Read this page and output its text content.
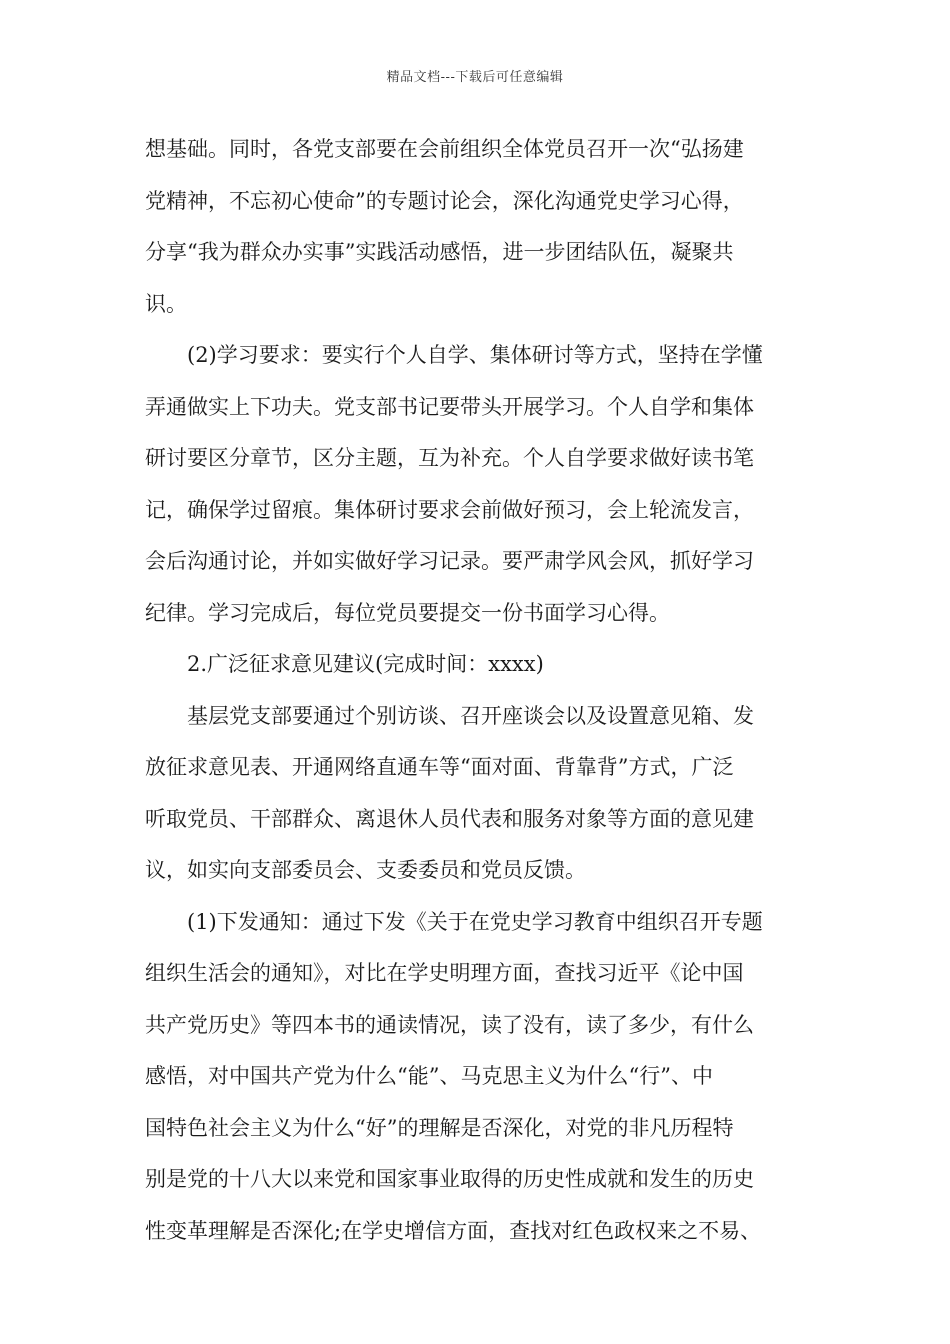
精品文档---下载后可任意编辑
想基础。同时，各党支部要在会前组织全体党员召开一次“弘扬建
党精神，不忘初心使命”的专题讨论会，深化沟通党史学习心得，
分享“我为群众办实事”实践活动感悟，进一步团结队伍，凝聚共
识。
(2)学习要求：要实行个人自学、集体研讨等方式，坚持在学懂
弄通做实上下功夫。党支部书记要带头开展学习。个人自学和集体
研讨要区分章节，区分主题，互为补充。个人自学要求做好读书笔
记，确保学过留痕。集体研讨要求会前做好预习，会上轮流发言，
会后沟通讨论，并如实做好学习记录。要严肃学风会风，抓好学习
纪律。学习完成后，每位党员要提交一份书面学习心得。
2.广泛征求意见建议(完成时间：xxxx)
基层党支部要通过个别访谈、召开座谈会以及设置意见箱、发
放征求意见表、开通网络直通车等“面对面、背靠背”方式，广泛
听取党员、干部群众、离退休人员代表和服务对象等方面的意见建
议，如实向支部委员会、支委委员和党员反馈。
(1)下发通知：通过下发《关于在党史学习教育中组织召开专题
组织生活会的通知》，对比在学史明理方面，查找习近平《论中国
共产党历史》等四本书的通读情况，读了没有，读了多少，有什么
感悟，对中国共产党为什么“能”、马克思主义为什么“行”、中
国特色社会主义为什么“好”的理解是否深化，对党的非凡历程特
别是党的十八大以来党和国家事业取得的历史性成就和发生的历史
性变革理解是否深化;在学史增信方面，查找对红色政权来之不易、
